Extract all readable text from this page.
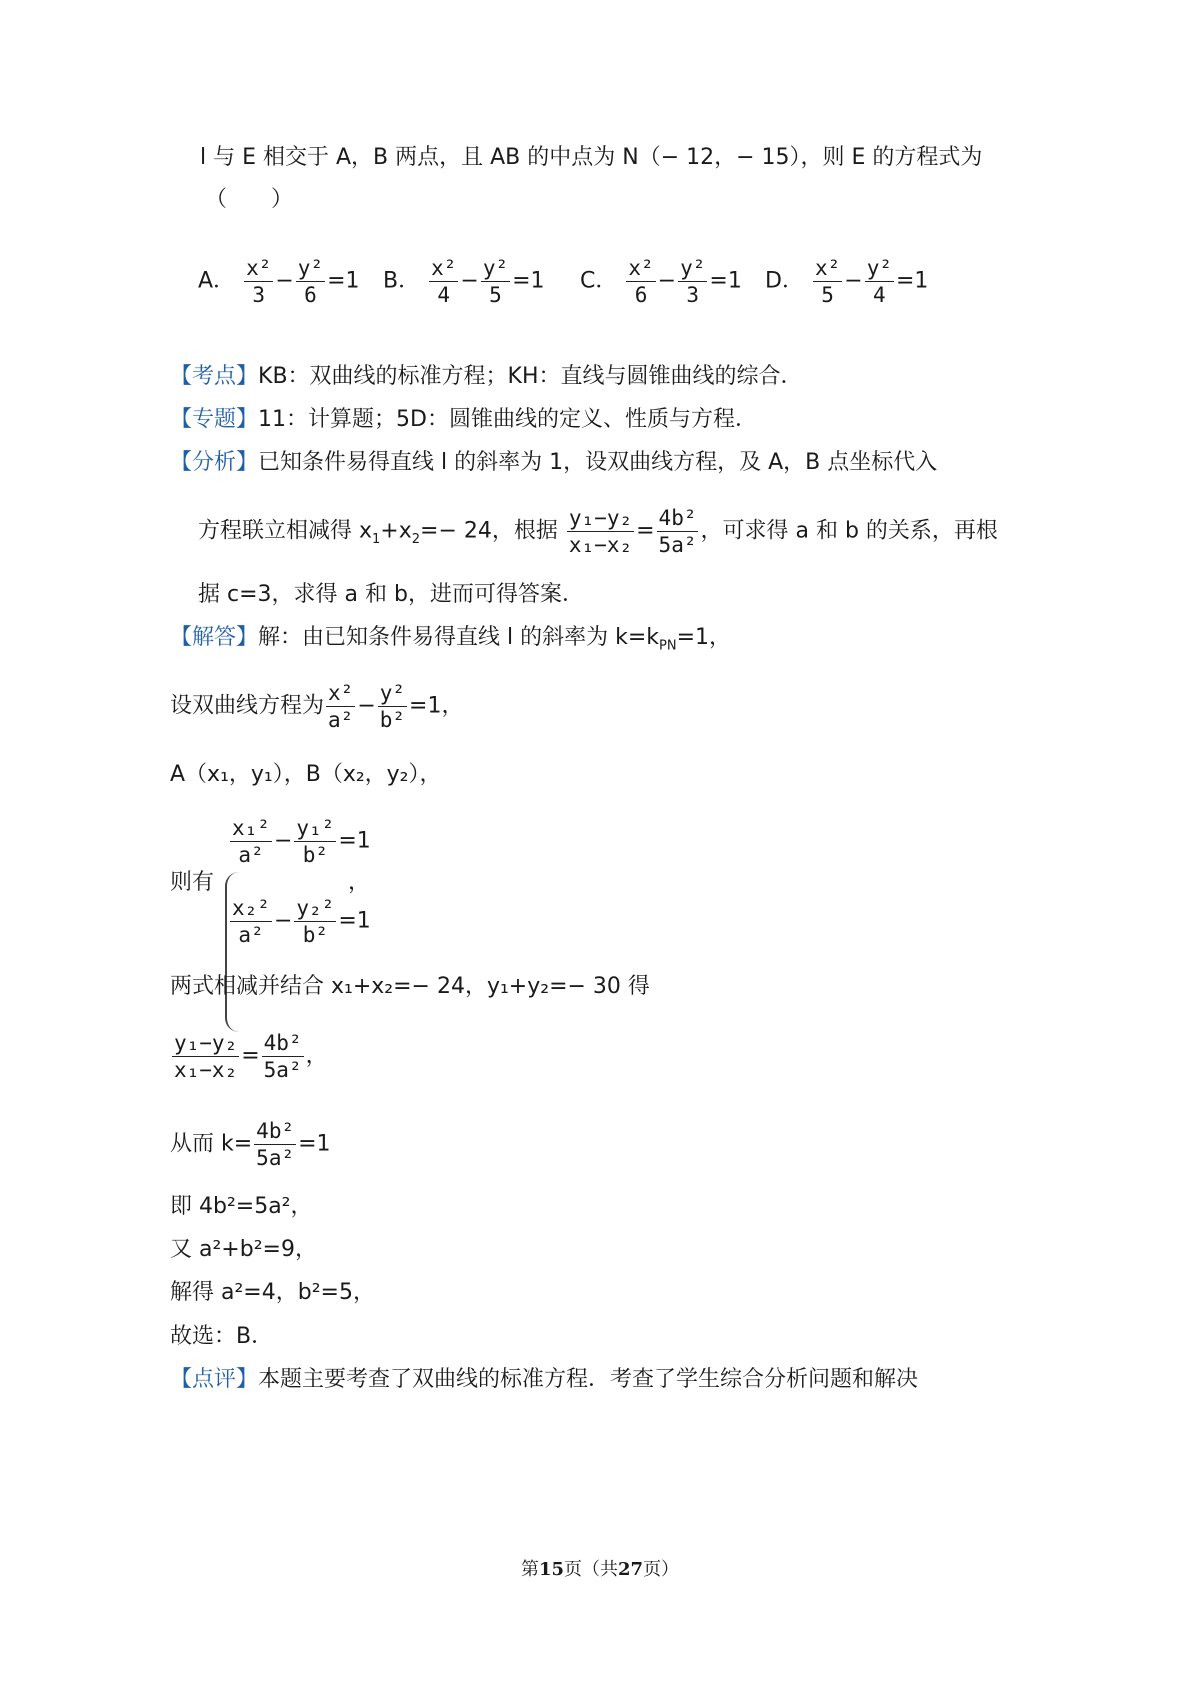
l 与 E 相交于 A，B 两点，且 AB 的中点为 N（− 12，− 15），则 E 的方程式为
（　　）
A． $\frac{\text{x²}}{3} - \frac{\text{y²}}{6} =1$ B． $\frac{\text{x²}}{4} - \frac{\text{y²}}{5} =1$ C． $\frac{\text{x²}}{6} - \frac{\text{y²}}{3} =1$ D． $\frac{\text{x²}}{5} - \frac{\text{y²}}{4} =1$
【考点】KB：双曲线的标准方程；KH：直线与圆锥曲线的综合．
【专题】11：计算题；5D：圆锥曲线的定义、性质与方程．
【分析】已知条件易得直线 l 的斜率为 1，设双曲线方程，及 A，B 点坐标代入
方程联立相减得 $x_1+x_2=- 24$，根据 $\frac{\text{y₁−y₂}}{\text{x₁−x₂}} = \frac{\text{4b²}}{\text{5a²}}$ ，可求得 a 和 b 的关系，再根
据 c=3，求得 a 和 b，进而可得答案．
【解答】解：由已知条件易得直线 l 的斜率为 $k=k_{PN}=1$，
设双曲线方程为 $\frac{\text{x²}}{\text{a²}} - \frac{\text{y²}}{\text{b²}} =1$，
A（x₁，y₁），B（x₂，y₂），
则有
$\frac{\text{x₁²}}{\text{a²}} - \frac{\text{y₁²}}{\text{b²}} =1$
$\frac{\text{x₂²}}{\text{a²}} - \frac{\text{y₂²}}{\text{b²}} =1$
，
两式相减并结合 x₁+x₂=− 24，y₁+y₂=− 30 得
$\frac{\text{y₁−y₂}}{\text{x₁−x₂}} = \frac{\text{4b²}}{\text{5a²}}$ ，
从而 $k= \frac{\text{4b²}}{\text{5a²}} =1$
即 4b²=5a²，
又 a²+b²=9，
解得 a²=4，b²=5，
故选：B．
【点评】本题主要考查了双曲线的标准方程．考查了学生综合分析问题和解决
第15页（共27页）
